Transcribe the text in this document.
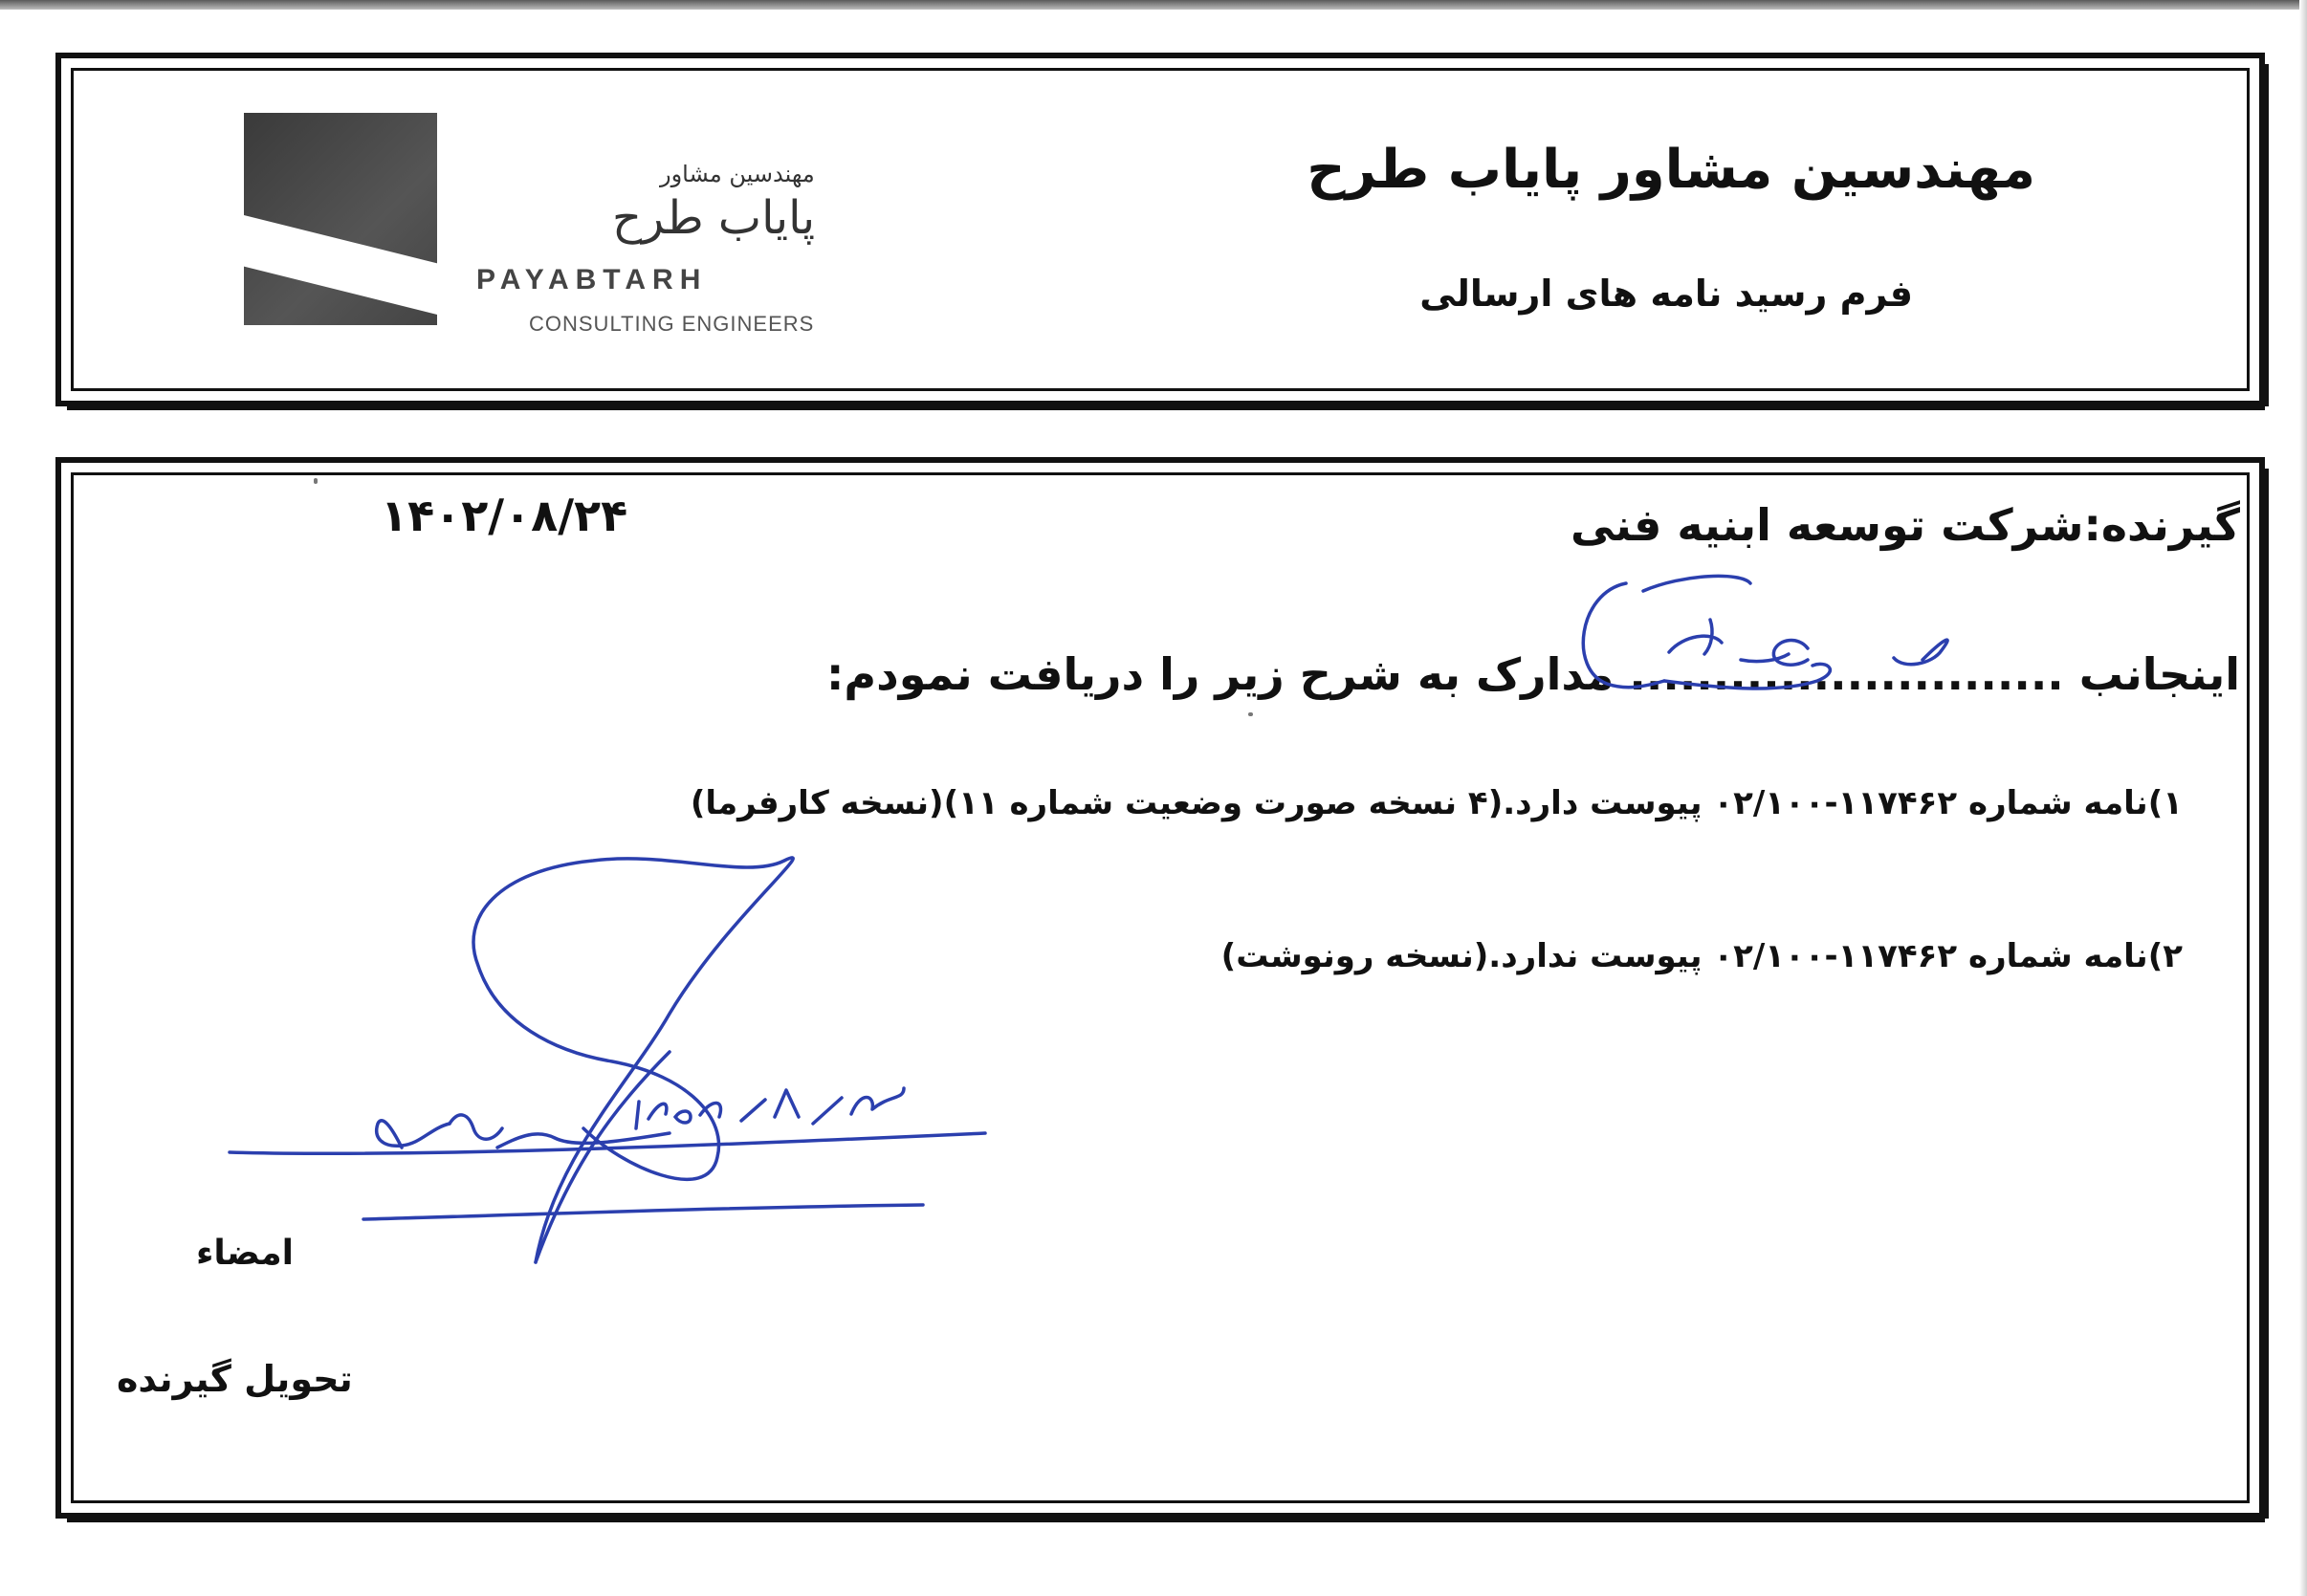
مهندسین مشاور
پایاب طرح
PAYABTARH
CONSULTING ENGINEERS
مهندسین مشاور پایاب طرح
فرم رسید نامه های ارسالی
۱۴۰۲/۰۸/۲۴	گیرنده:شرکت توسعه ابنیه فنی
اینجانب .......................... مدارک به شرح زیر را دریافت نمودم:
۱)نامه شماره ۱۱۷۴۶۲-۰۲/۱۰۰ پیوست دارد.(۴ نسخه صورت وضعیت شماره ۱۱)(نسخه کارفرما)
۲)نامه شماره ۱۱۷۴۶۲-۰۲/۱۰۰ پیوست ندارد.(نسخه رونوشت)
امضاء
تحویل گیرنده
